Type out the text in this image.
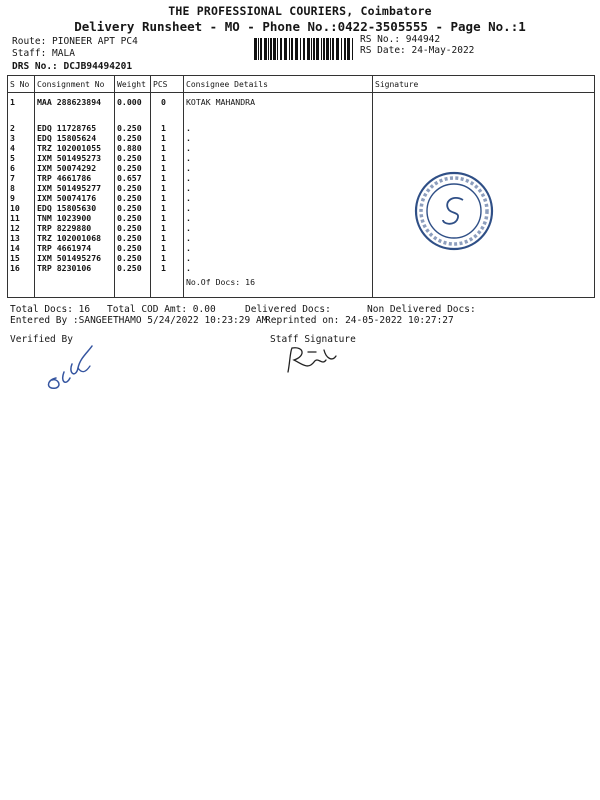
THE PROFESSIONAL COURIERS, Coimbatore
Delivery Runsheet - MO - Phone No.:0422-3505555 - Page No.:1
Route: PIONEER APT PC4
Staff: MALA
DRS No.: DCJB94494201
RS No.: 944942
RS Date: 24-May-2022
S No	Consignment No	Weight	PCS	Consignee Details	Signature
1	MAA 288623894	0.000	0	KOTAK MAHANDRA	
2	EDQ 11728765	0.250	1	.	
3	EDQ 15805624	0.250	1	.	
4	TRZ 102001055	0.880	1	.	
5	IXM 501495273	0.250	1	.	
6	IXM 50074292	0.250	1	.	
7	TRP 4661786	0.657	1	.	
8	IXM 501495277	0.250	1	.	
9	IXM 50074176	0.250	1	.	
10	EDQ 15805630	0.250	1	.	
11	TNM 1023900	0.250	1	.	
12	TRP 8229880	0.250	1	.	
13	TRZ 102001068	0.250	1	.	
14	TRP 4661974	0.250	1	.	
15	IXM 501495276	0.250	1	.	
16	TRP 8230106	0.250	1	.	
				No.Of Docs: 16	

Total Docs: 16 Total COD Amt: 0.00	Delivered Docs:	Non Delivered Docs:
Entered By :SANGEETHAMO 5/24/2022 10:23:29 AM
Reprinted on: 24-05-2022 10:27:27
Verified By	Staff Signature
